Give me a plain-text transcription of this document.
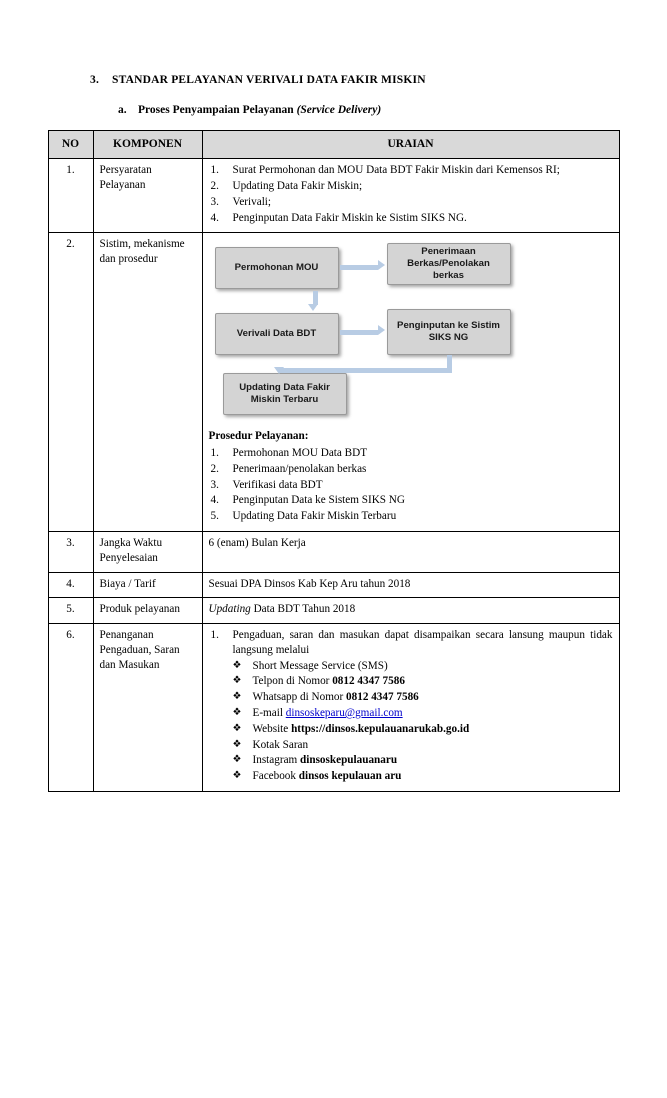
3. STANDAR PELAYANAN VERIVALI DATA FAKIR MISKIN
a. Proses Penyampaian Pelayanan (Service Delivery)
NO	KOMPONEN	URAIAN
1.	Persyaratan Pelayanan	
Surat Permohonan dan MOU Data BDT Fakir Miskin dari Kemensos RI;
Updating Data Fakir Miskin;
Verivali;
Penginputan Data Fakir Miskin ke Sistim SIKS NG.

2.	Sistim, mekanisme dan prosedur	
Permohonan MOU
Penerimaan Berkas/Penolakan berkas
Verivali Data BDT
Penginputan ke Sistim SIKS NG
Updating Data Fakir Miskin Terbaru
Prosedur Pelayanan:
Permohonan MOU Data BDT
Penerimaan/penolakan berkas
Verifikasi data BDT
Penginputan Data ke Sistem SIKS NG
Updating Data Fakir Miskin Terbaru

3.	Jangka Waktu Penyelesaian	6 (enam) Bulan Kerja
4.	Biaya / Tarif	Sesuai DPA Dinsos Kab Kep Aru tahun 2018
5.	Produk pelayanan	Updating Data BDT Tahun 2018
6.	Penanganan Pengaduan, Saran dan Masukan	
Pengaduan, saran dan masukan dapat disampaikan secara lansung maupun tidak langsung melalui
❖ Short Message Service (SMS)
❖ Telpon di Nomor 0812 4347 7586
❖ Whatsapp di Nomor 0812 4347 7586
❖ E-mail dinsoskeparu@gmail.com
❖ Website https://dinsos.kepulauanarukab.go.id
❖ Kotak Saran
❖ Instagram dinsoskepulauanaru
❖ Facebook dinsos kepulauan aru
